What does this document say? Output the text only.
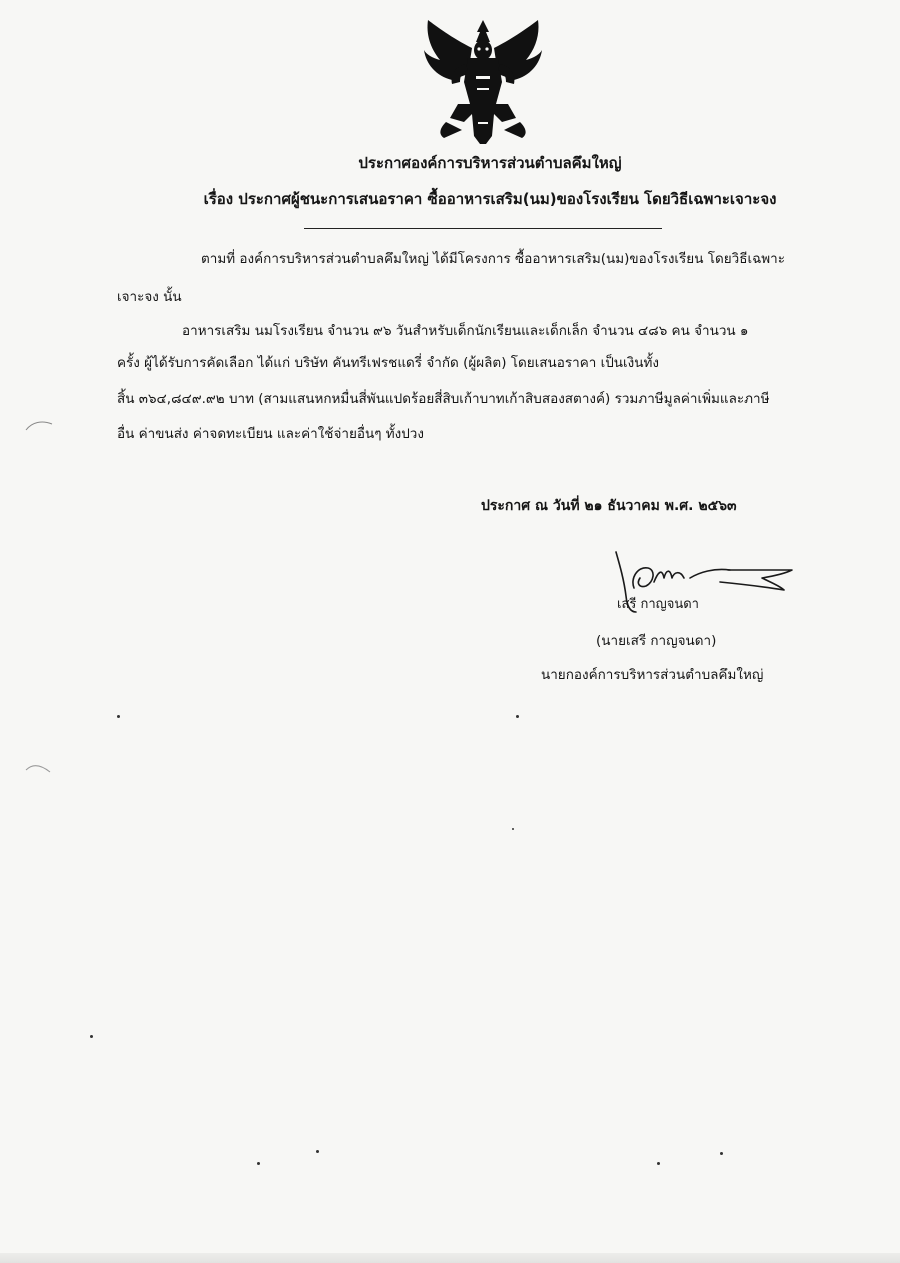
ประกาศองค์การบริหารส่วนตำบลคึมใหญ่
เรื่อง ประกาศผู้ชนะการเสนอราคา ซื้ออาหารเสริม(นม)ของโรงเรียน โดยวิธีเฉพาะเจาะจง
ตามที่ องค์การบริหารส่วนตำบลคึมใหญ่ ได้มีโครงการ ซื้ออาหารเสริม(นม)ของโรงเรียน โดยวิธีเฉพาะ
เจาะจง นั้น
อาหารเสริม นมโรงเรียน จำนวน ๙๖ วันสำหรับเด็กนักเรียนและเด็กเล็ก จำนวน ๔๘๖ คน จำนวน ๑
ครั้ง ผู้ได้รับการคัดเลือก ได้แก่ บริษัท คันทรีเฟรชแดรี่ จำกัด (ผู้ผลิต) โดยเสนอราคา เป็นเงินทั้ง
สิ้น ๓๖๔,๘๔๙.๙๒ บาท (สามแสนหกหมื่นสี่พันแปดร้อยสี่สิบเก้าบาทเก้าสิบสองสตางค์) รวมภาษีมูลค่าเพิ่มและภาษี
อื่น ค่าขนส่ง ค่าจดทะเบียน และค่าใช้จ่ายอื่นๆ ทั้งปวง
ประกาศ ณ วันที่ ๒๑ ธันวาคม พ.ศ. ๒๕๖๓
เสรี กาญจนดา
(นายเสรี กาญจนดา)
นายกองค์การบริหารส่วนตำบลคึมใหญ่
